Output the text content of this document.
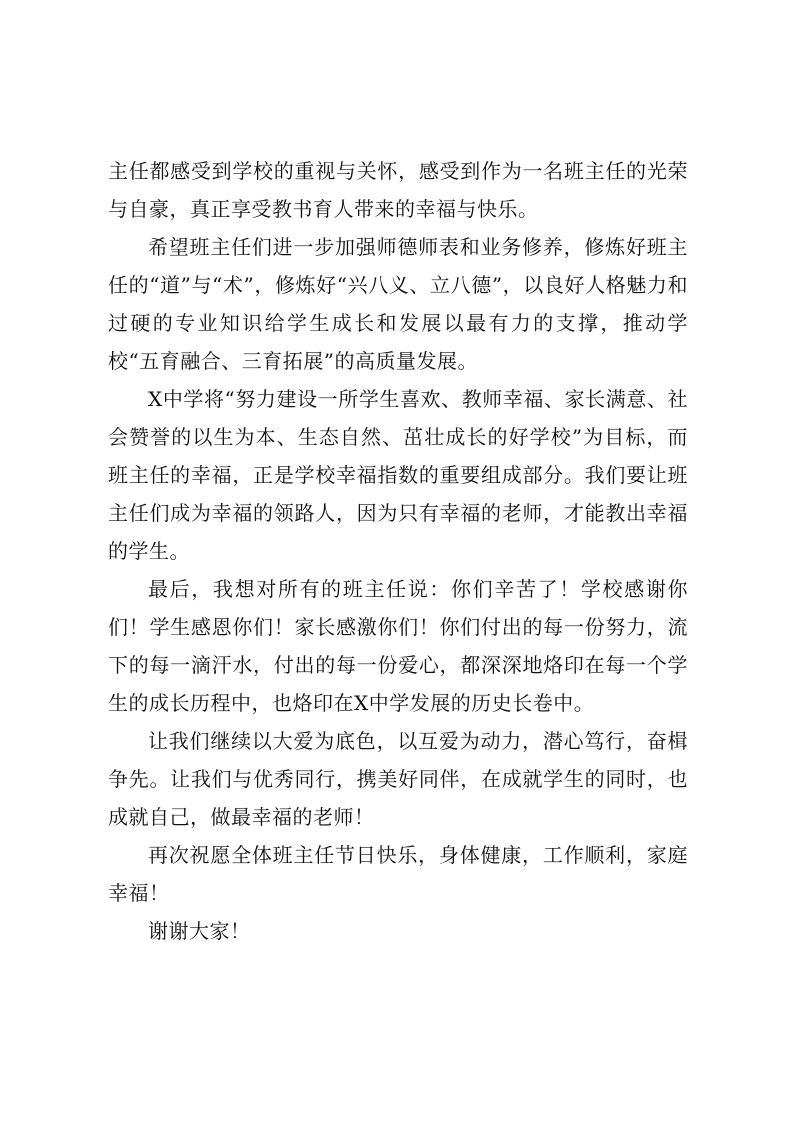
主任都感受到学校的重视与关怀，感受到作为一名班主任的光荣与自豪，真正享受教书育人带来的幸福与快乐。

希望班主任们进一步加强师德师表和业务修养，修炼好班主任的“道”与“术”，修炼好“兴八义、立八德”，以良好人格魅力和过硬的专业知识给学生成长和发展以最有力的支撑，推动学校“五育融合、三育拓展”的高质量发展。

X中学将“努力建设一所学生喜欢、教师幸福、家长满意、社会赞誉的以生为本、生态自然、茁壮成长的好学校”为目标，而班主任的幸福，正是学校幸福指数的重要组成部分。我们要让班主任们成为幸福的领路人，因为只有幸福的老师，才能教出幸福的学生。

最后，我想对所有的班主任说：你们辛苦了！学校感谢你们！学生感恩你们！家长感激你们！你们付出的每一份努力，流下的每一滴汗水，付出的每一份爱心，都深深地烙印在每一个学生的成长历程中，也烙印在X中学发展的历史长卷中。

让我们继续以大爱为底色，以互爱为动力，潜心笃行，奋楫争先。让我们与优秀同行，携美好同伴，在成就学生的同时，也成就自己，做最幸福的老师！

再次祝愿全体班主任节日快乐，身体健康，工作顺利，家庭幸福！

谢谢大家！
